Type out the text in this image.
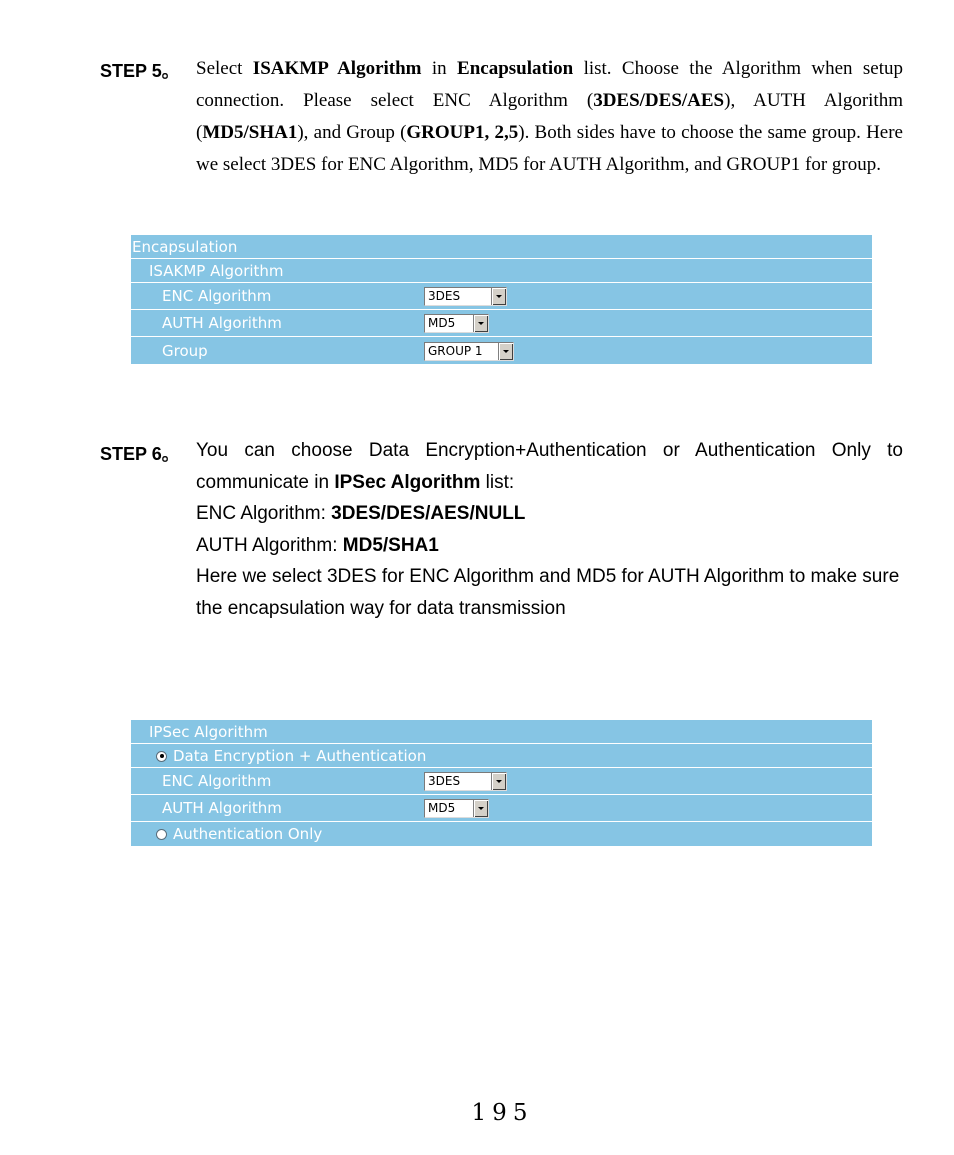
STEP 5。 Select ISAKMP Algorithm in Encapsulation list. Choose the Algorithm when setup connection. Please select ENC Algorithm (3DES/DES/AES), AUTH Algorithm (MD5/SHA1), and Group (GROUP1, 2,5). Both sides have to choose the same group. Here we select 3DES for ENC Algorithm, MD5 for AUTH Algorithm, and GROUP1 for group.

Encapsulation
ISAKMP Algorithm
ENC Algorithm	3DES
AUTH Algorithm	MD5
Group	GROUP 1
STEP 6。 You can choose Data Encryption+Authentication or Authentication Only to communicate in IPSec Algorithm list:

ENC Algorithm: 3DES/DES/AES/NULL

AUTH Algorithm: MD5/SHA1

Here we select 3DES for ENC Algorithm and MD5 for AUTH Algorithm to make sure the encapsulation way for data transmission

IPSec Algorithm
Data Encryption + Authentication
ENC Algorithm	3DES
AUTH Algorithm	MD5
Authentication Only
195
